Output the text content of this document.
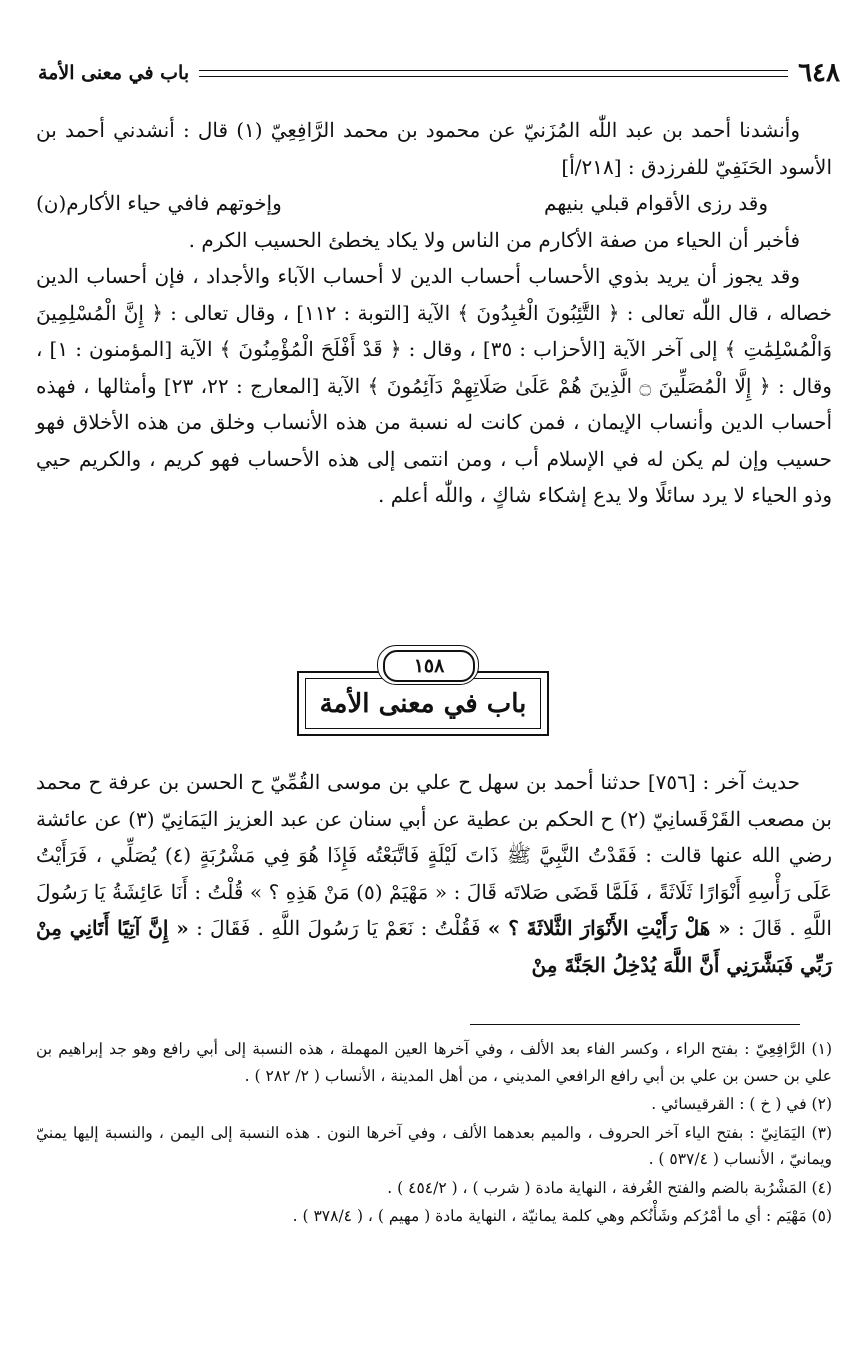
٦٤٨
باب في معنى الأمة

وأنشدنا أحمد بن عبد اللّٰه المُزَنيّ عن محمود بن محمد الرَّافِعِيّ (١) قال : أنشدني أحمد بن الأسود الحَنَفِيّ للفرزدق : [٢١٨/أ]

وقد رزى الأقوام قبلي بنيهم
وإخوتهم فافي حياء الأكارم(ن)

فأخبر أن الحياء من صفة الأكارم من الناس ولا يكاد يخطئ الحسيب الكرم .

وقد يجوز أن يريد بذوي الأحساب أحساب الدين لا أحساب الآباء والأجداد ، فإن أحساب الدين خصاله ، قال اللّٰه تعالى : ﴿ التَّٰئِبُونَ الْعَٰبِدُونَ ﴾ الآية [التوبة : ١١٢] ، وقال تعالى : ﴿ إِنَّ الْمُسْلِمِينَ وَالْمُسْلِمَٰتِ ﴾ إلى آخر الآية [الأحزاب : ٣٥] ، وقال : ﴿ قَدْ أَفْلَحَ الْمُؤْمِنُونَ ﴾ الآية [المؤمنون : ١] ، وقال : ﴿ إِلَّا الْمُصَلِّينَ ۝ الَّذِينَ هُمْ عَلَىٰ صَلَاتِهِمْ دَآئِمُونَ ﴾ الآية [المعارج : ٢٢، ٢٣] وأمثالها ، فهذه أحساب الدين وأنساب الإيمان ، فمن كانت له نسبة من هذه الأنساب وخلق من هذه الأخلاق فهو حسيب وإن لم يكن له في الإسلام أب ، ومن انتمى إلى هذه الأحساب فهو كريم ، والكريم حيي وذو الحياء لا يرد سائلًا ولا يدع إشكاء شاكٍ ، واللّٰه أعلم .

باب في معنى الأمة
١٥٨

حديث آخر : [٧٥٦] حدثنا أحمد بن سهل ح علي بن موسى القُمِّيّ ح الحسن بن عرفة ح محمد بن مصعب القَرْقَسانِيّ (٢) ح الحكم بن عطية عن أبي سنان عن عبد العزيز اليَمَانِيّ (٣) عن عائشة رضي الله عنها قالت : فَقَدْتُ النَّبِيَّ ﷺ ذَاتَ لَيْلَةٍ فَاتَّبَعْتُه فَإِذَا هُوَ فِي مَشْرُبَةٍ (٤) يُصَلِّي ، فَرَأَيْتُ عَلَى رَأْسِهِ أَنْوَارًا ثَلَاثَةً ، فَلَمَّا قَضَى صَلاتَه قَالَ : « مَهْيَمْ (٥) مَنْ هَذِهِ ؟ » قُلْتُ : أَنَا عَائِشَةُ يَا رَسُولَ اللَّهِ . قَالَ : « هَلْ رَأَيْتِ الأَنْوَارَ الثَّلاثَةَ ؟ » فَقُلْتُ : نَعَمْ يَا رَسُولَ اللَّهِ . فَقَالَ : « إِنَّ آتِيًا أَتَانِي مِنْ رَبِّي فَبَشَّرَنِي أَنَّ اللَّهَ يُدْخِلُ الجَنَّةَ مِنْ

(١) الرَّافِعِيّ : بفتح الراء ، وكسر الفاء بعد الألف ، وفي آخرها العين المهملة ، هذه النسبة إلى أبي رافع وهو جد إبراهيم بن علي بن حسن بن علي بن أبي رافع الرافعي المديني ، من أهل المدينة ، الأنساب ( ٢/ ٢٨٢ ) .

(٢) في ( خ ) : القرقيسائي .

(٣) اليَمَانِيّ : بفتح الياء آخر الحروف ، والميم بعدهما الألف ، وفي آخرها النون . هذه النسبة إلى اليمن ، والنسبة إليها يمنيّ ويمانيّ ، الأنساب ( ٥٣٧/٤ ) .

(٤) المَشْرُبة بالضم والفتح الغُرفة ، النهاية مادة ( شرب ) ، ( ٤٥٤/٢ ) .

(٥) مَهْيَم : أي ما أمْرُكم وشَأْنُكم وهي كلمة يمانيّة ، النهاية مادة ( مهيم ) ، ( ٣٧٨/٤ ) .
